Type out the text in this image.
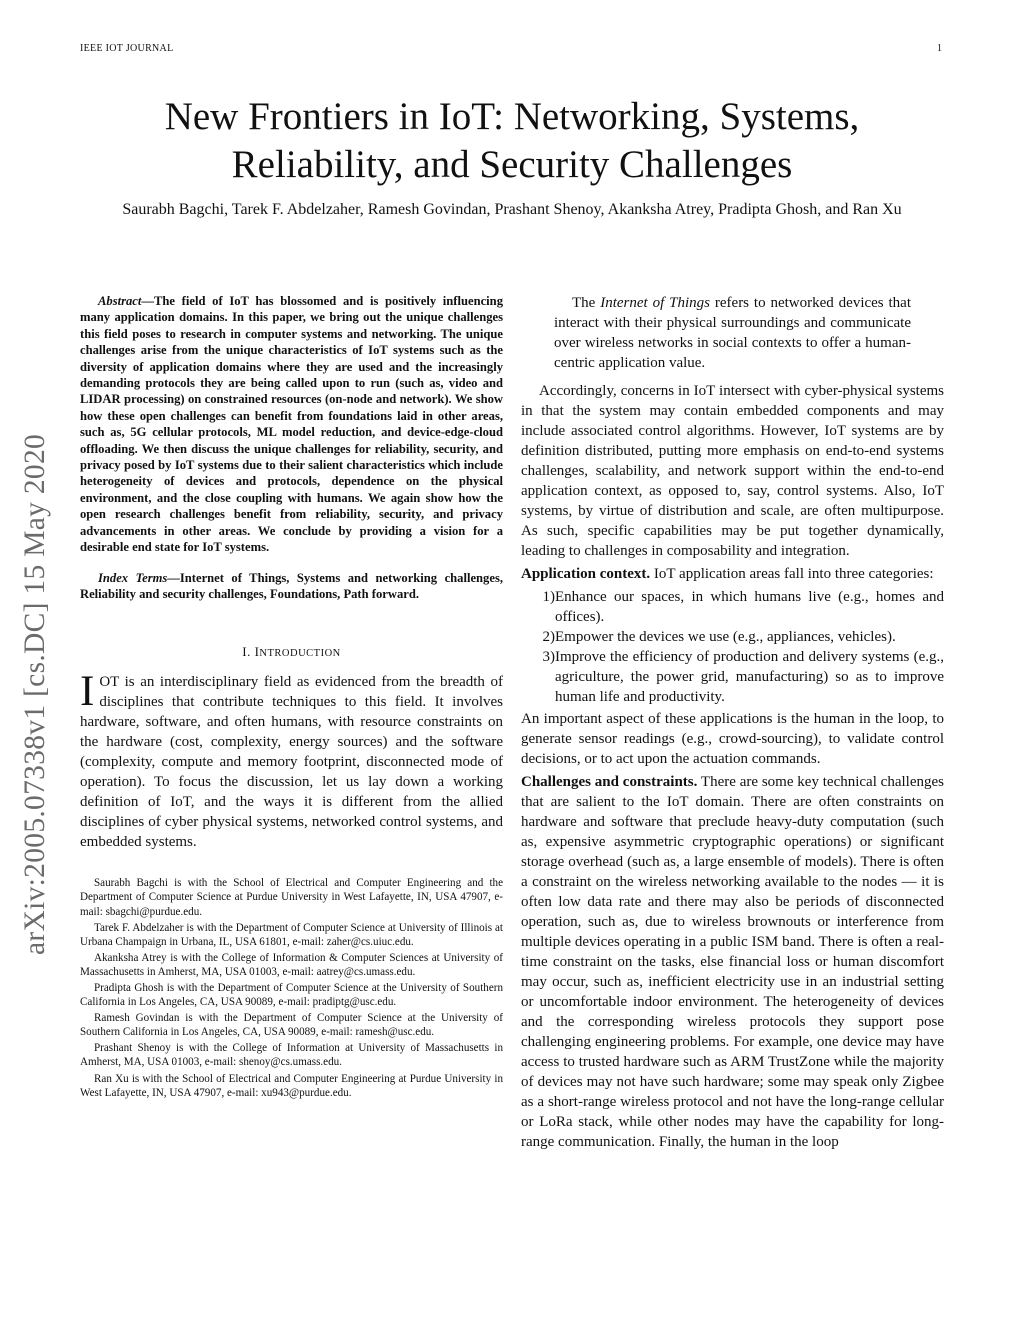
IEEE IOT JOURNAL	1
arXiv:2005.07338v1 [cs.DC] 15 May 2020
New Frontiers in IoT: Networking, Systems,
Reliability, and Security Challenges
Saurabh Bagchi, Tarek F. Abdelzaher, Ramesh Govindan, Prashant Shenoy, Akanksha Atrey, Pradipta Ghosh, and Ran Xu

Abstract—The field of IoT has blossomed and is positively influencing many application domains. In this paper, we bring out the unique challenges this field poses to research in computer systems and networking. The unique challenges arise from the unique characteristics of IoT systems such as the diversity of application domains where they are used and the increasingly demanding protocols they are being called upon to run (such as, video and LIDAR processing) on constrained resources (on-node and network). We show how these open challenges can benefit from foundations laid in other areas, such as, 5G cellular protocols, ML model reduction, and device-edge-cloud offloading. We then discuss the unique challenges for reliability, security, and privacy posed by IoT systems due to their salient characteristics which include heterogeneity of devices and protocols, dependence on the physical environment, and the close coupling with humans. We again show how the open research challenges benefit from reliability, security, and privacy advancements in other areas. We conclude by providing a vision for a desirable end state for IoT systems.

Index Terms—Internet of Things, Systems and networking challenges, Reliability and security challenges, Foundations, Path forward.

I. INTRODUCTION

IOT is an interdisciplinary field as evidenced from the breadth of disciplines that contribute techniques to this field. It involves hardware, software, and often humans, with resource constraints on the hardware (cost, complexity, energy sources) and the software (complexity, compute and memory footprint, disconnected mode of operation). To focus the discussion, let us lay down a working definition of IoT, and the ways it is different from the allied disciplines of cyber physical systems, networked control systems, and embedded systems.

Saurabh Bagchi is with the School of Electrical and Computer Engineering and the Department of Computer Science at Purdue University in West Lafayette, IN, USA 47907, e-mail: sbagchi@purdue.edu.

Tarek F. Abdelzaher is with the Department of Computer Science at University of Illinois at Urbana Champaign in Urbana, IL, USA 61801, e-mail: zaher@cs.uiuc.edu.

Akanksha Atrey is with the College of Information & Computer Sciences at University of Massachusetts in Amherst, MA, USA 01003, e-mail: aatrey@cs.umass.edu.

Pradipta Ghosh is with the Department of Computer Science at the University of Southern California in Los Angeles, CA, USA 90089, e-mail: pradiptg@usc.edu.

Ramesh Govindan is with the Department of Computer Science at the University of Southern California in Los Angeles, CA, USA 90089, e-mail: ramesh@usc.edu.

Prashant Shenoy is with the College of Information at University of Massachusetts in Amherst, MA, USA 01003, e-mail: shenoy@cs.umass.edu.

Ran Xu is with the School of Electrical and Computer Engineering at Purdue University in West Lafayette, IN, USA 47907, e-mail: xu943@purdue.edu.

The Internet of Things refers to networked devices that interact with their physical surroundings and communicate over wireless networks in social contexts to offer a human-centric application value.

Accordingly, concerns in IoT intersect with cyber-physical systems in that the system may contain embedded components and may include associated control algorithms. However, IoT systems are by definition distributed, putting more emphasis on end-to-end systems challenges, scalability, and network support within the end-to-end application context, as opposed to, say, control systems. Also, IoT systems, by virtue of distribution and scale, are often multipurpose. As such, specific capabilities may be put together dynamically, leading to challenges in composability and integration.

Application context. IoT application areas fall into three categories:

1) Enhance our spaces, in which humans live (e.g., homes and offices).
2) Empower the devices we use (e.g., appliances, vehicles).
3) Improve the efficiency of production and delivery systems (e.g., agriculture, the power grid, manufacturing) so as to improve human life and productivity.

An important aspect of these applications is the human in the loop, to generate sensor readings (e.g., crowd-sourcing), to validate control decisions, or to act upon the actuation commands.

Challenges and constraints. There are some key technical challenges that are salient to the IoT domain. There are often constraints on hardware and software that preclude heavy-duty computation (such as, expensive asymmetric cryptographic operations) or significant storage overhead (such as, a large ensemble of models). There is often a constraint on the wireless networking available to the nodes — it is often low data rate and there may also be periods of disconnected operation, such as, due to wireless brownouts or interference from multiple devices operating in a public ISM band. There is often a real-time constraint on the tasks, else financial loss or human discomfort may occur, such as, inefficient electricity use in an industrial setting or uncomfortable indoor environment. The heterogeneity of devices and the corresponding wireless protocols they support pose challenging engineering problems. For example, one device may have access to trusted hardware such as ARM TrustZone while the majority of devices may not have such hardware; some may speak only Zigbee as a short-range wireless protocol and not have the long-range cellular or LoRa stack, while other nodes may have the capability for long-range communication. Finally, the human in the loop
